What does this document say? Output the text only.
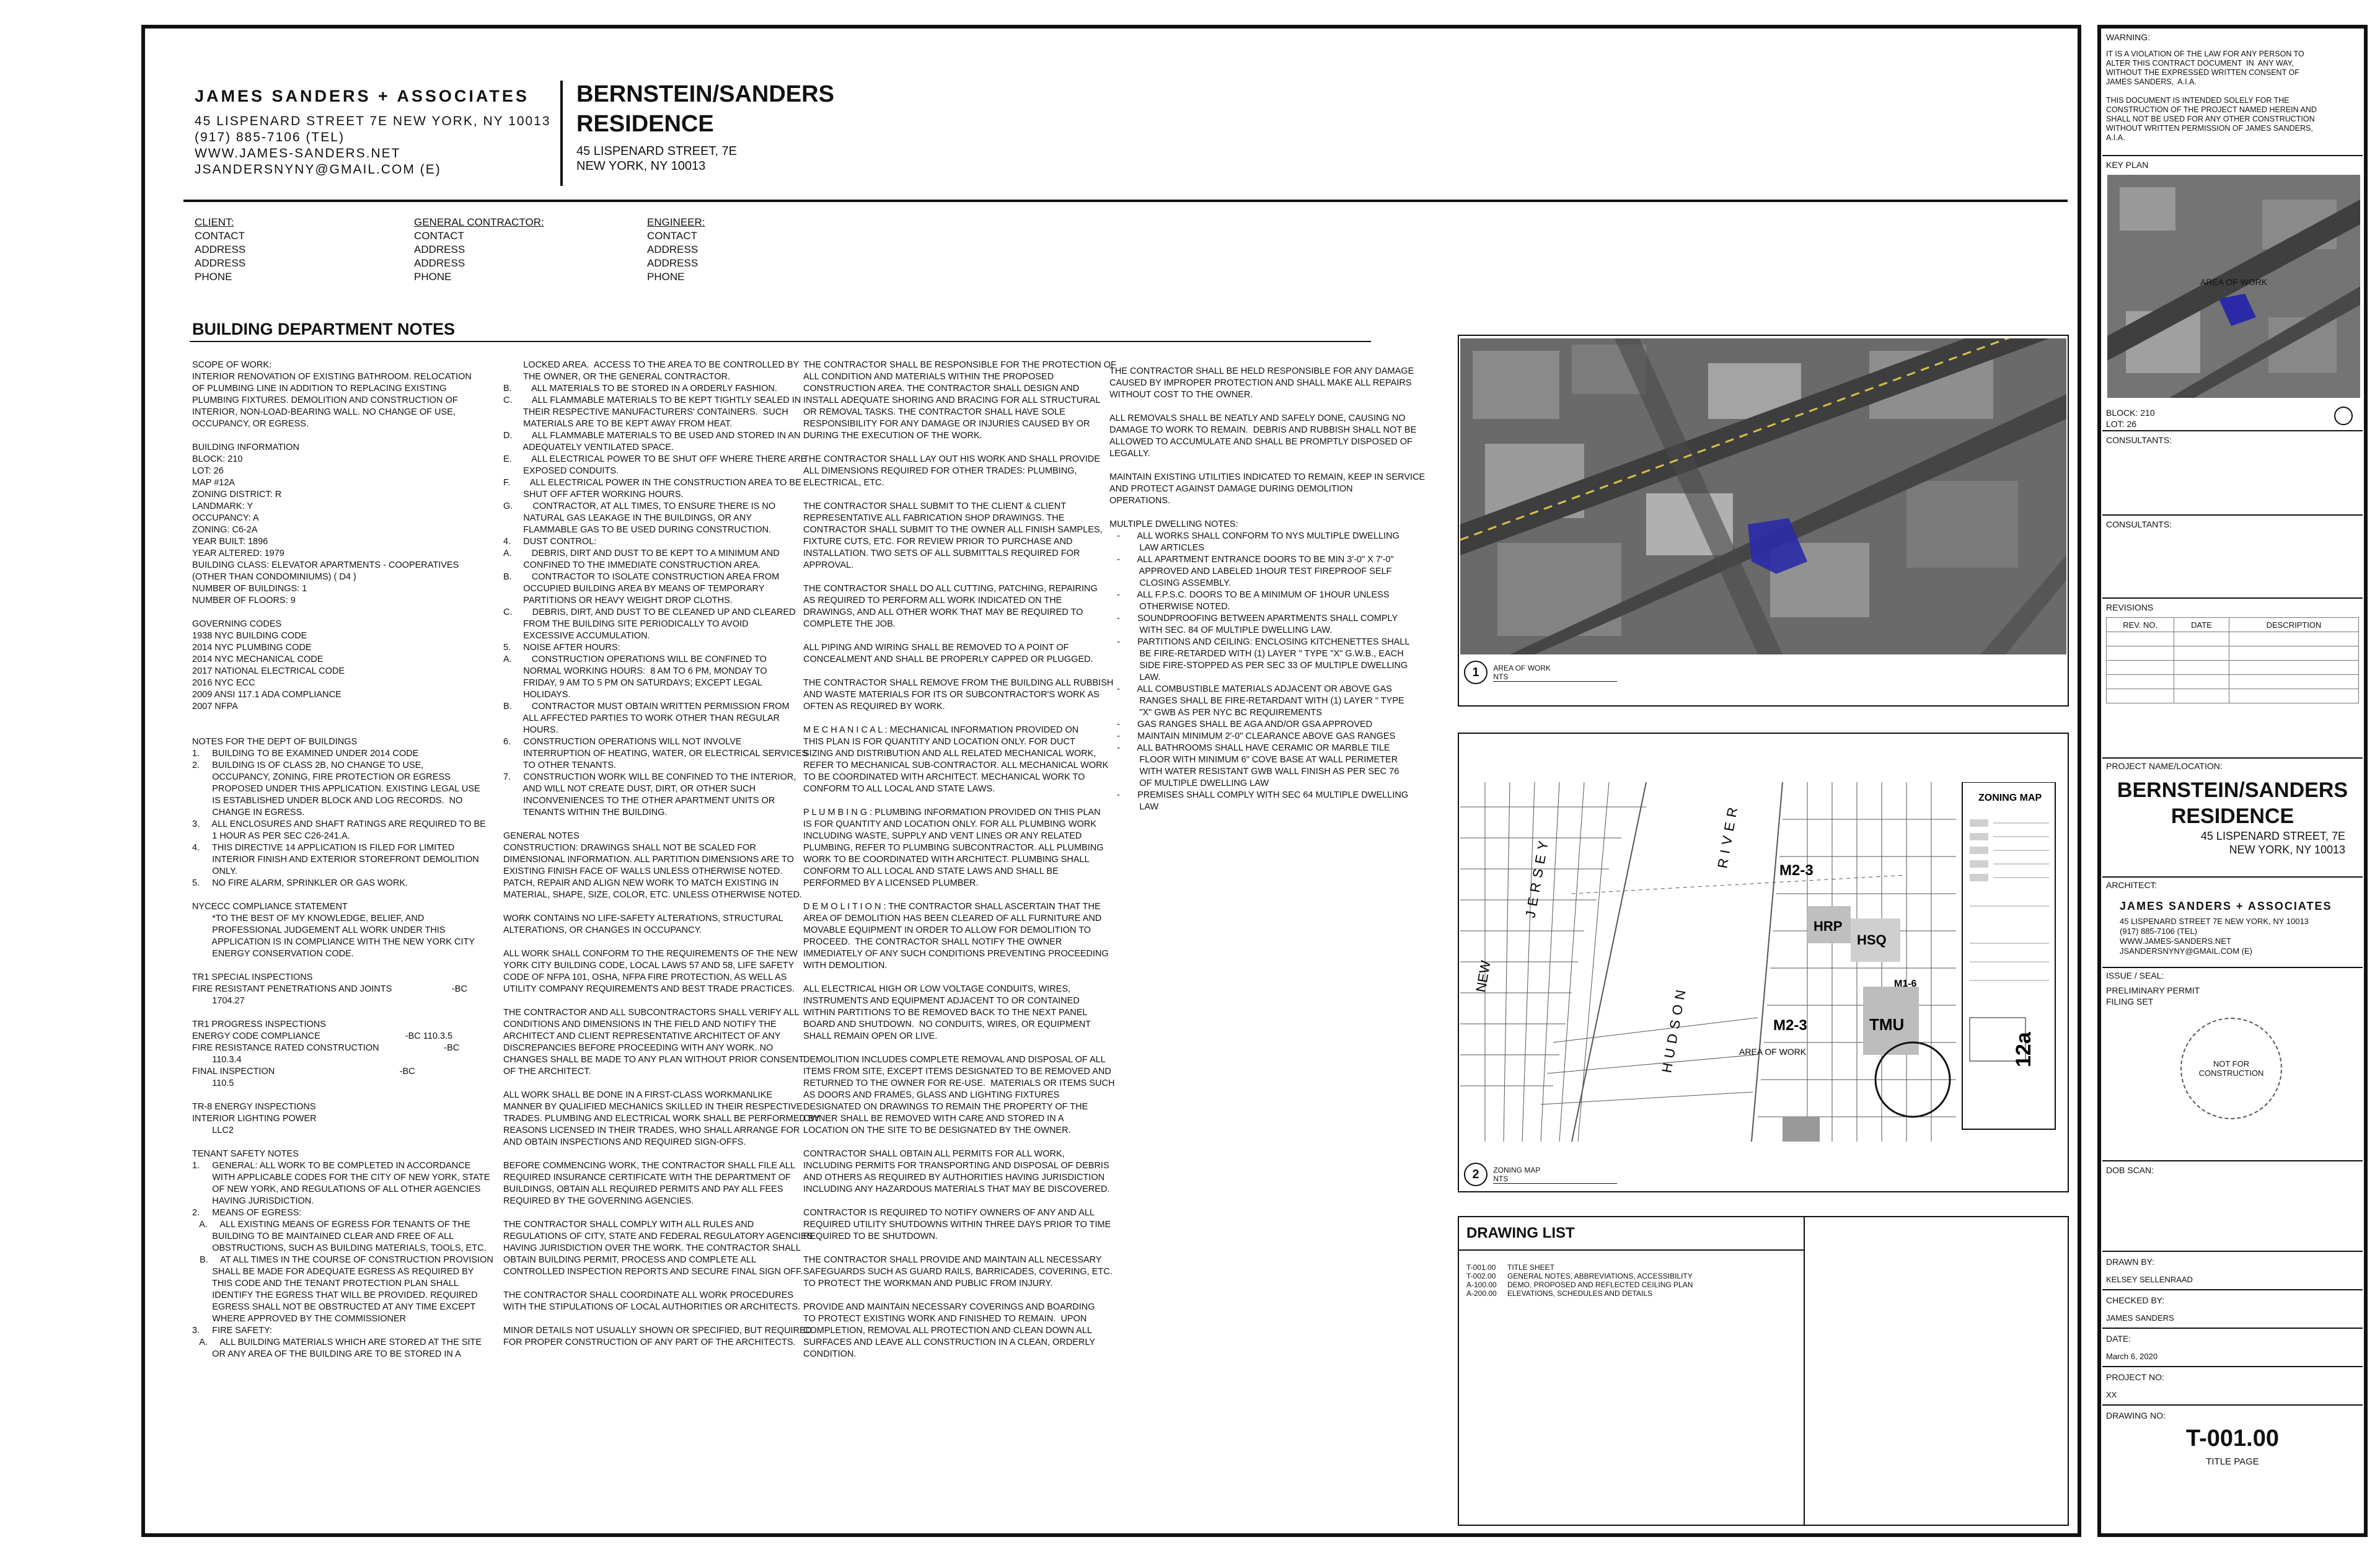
JAMES SANDERS + ASSOCIATES
45 LISPENARD STREET 7E NEW YORK, NY 10013
(917) 885-7106 (TEL)
WWW.JAMES-SANDERS.NET
JSANDERSNYNY@GMAIL.COM (E)
BERNSTEIN/SANDERS
RESIDENCE
45 LISPENARD STREET, 7E
NEW YORK, NY 10013
CLIENT:
CONTACT
ADDRESS
ADDRESS
PHONE
GENERAL CONTRACTOR:
CONTACT
ADDRESS
ADDRESS
PHONE
ENGINEER:
CONTACT
ADDRESS
ADDRESS
PHONE
BUILDING DEPARTMENT NOTES
SCOPE OF WORK:
INTERIOR RENOVATION OF EXISTING BATHROOM. RELOCATION
OF PLUMBING LINE IN ADDITION TO REPLACING EXISTING
PLUMBING FIXTURES. DEMOLITION AND CONSTRUCTION OF
INTERIOR, NON-LOAD-BEARING WALL. NO CHANGE OF USE,
OCCUPANCY, OR EGRESS.

BUILDING INFORMATION
BLOCK: 210
LOT: 26
MAP #12A
ZONING DISTRICT: R
LANDMARK: Y
OCCUPANCY: A
ZONING: C6-2A
YEAR BUILT: 1896
YEAR ALTERED: 1979
BUILDING CLASS: ELEVATOR APARTMENTS - COOPERATIVES
(OTHER THAN CONDOMINIUMS) ( D4 )
NUMBER OF BUILDINGS: 1
NUMBER OF FLOORS: 9

GOVERNING CODES
1938 NYC BUILDING CODE
2014 NYC PLUMBING CODE
2014 NYC MECHANICAL CODE
2017 NATIONAL ELECTRICAL CODE
2016 NYC ECC
2009 ANSI 117.1 ADA COMPLIANCE
2007 NFPA

NOTES FOR THE DEPT OF BUILDINGS
1.     BUILDING TO BE EXAMINED UNDER 2014 CODE
2.     BUILDING IS OF CLASS 2B, NO CHANGE TO USE,
OCCUPANCY, ZONING, FIRE PROTECTION OR EGRESS
PROPOSED UNDER THIS APPLICATION. EXISTING LEGAL USE
IS ESTABLISHED UNDER BLOCK AND LOG RECORDS.  NO
CHANGE IN EGRESS.
3.     ALL ENCLOSURES AND SHAFT RATINGS ARE REQUIRED TO BE
1 HOUR AS PER SEC C26-241.A.
4.     THIS DIRECTIVE 14 APPLICATION IS FILED FOR LIMITED
INTERIOR FINISH AND EXTERIOR STOREFRONT DEMOLITION
ONLY.
5.     NO FIRE ALARM, SPRINKLER OR GAS WORK.

NYCECC COMPLIANCE STATEMENT
*TO THE BEST OF MY KNOWLEDGE, BELIEF, AND
PROFESSIONAL JUDGEMENT ALL WORK UNDER THIS
APPLICATION IS IN COMPLIANCE WITH THE NEW YORK CITY
ENERGY CONSERVATION CODE.

TR1 SPECIAL INSPECTIONS
FIRE RESISTANT PENETRATIONS AND JOINTS                        -BC
1704.27

TR1 PROGRESS INSPECTIONS
ENERGY CODE COMPLIANCE                                  -BC 110.3.5
FIRE RESISTANCE RATED CONSTRUCTION                          -BC
110.3.4
FINAL INSPECTION                                                  -BC
110.5

TR-8 ENERGY INSPECTIONS
INTERIOR LIGHTING POWER
LLC2

TENANT SAFETY NOTES
1.     GENERAL: ALL WORK TO BE COMPLETED IN ACCORDANCE
WITH APPLICABLE CODES FOR THE CITY OF NEW YORK, STATE
OF NEW YORK, AND REGULATIONS OF ALL OTHER AGENCIES
HAVING JURISDICTION.
2.     MEANS OF EGRESS:
A.     ALL EXISTING MEANS OF EGRESS FOR TENANTS OF THE
BUILDING TO BE MAINTAINED CLEAR AND FREE OF ALL
OBSTRUCTIONS, SUCH AS BUILDING MATERIALS, TOOLS, ETC.
B.     AT ALL TIMES IN THE COURSE OF CONSTRUCTION PROVISION
SHALL BE MADE FOR ADEQUATE EGRESS AS REQUIRED BY
THIS CODE AND THE TENANT PROTECTION PLAN SHALL
IDENTIFY THE EGRESS THAT WILL BE PROVIDED. REQUIRED
EGRESS SHALL NOT BE OBSTRUCTED AT ANY TIME EXCEPT
WHERE APPROVED BY THE COMMISSIONER
3.     FIRE SAFETY:
A.     ALL BUILDING MATERIALS WHICH ARE STORED AT THE SITE
OR ANY AREA OF THE BUILDING ARE TO BE STORED IN A
LOCKED AREA.  ACCESS TO THE AREA TO BE CONTROLLED BY
THE OWNER, OR THE GENERAL CONTRACTOR.
B.        ALL MATERIALS TO BE STORED IN A ORDERLY FASHION.
C.        ALL FLAMMABLE MATERIALS TO BE KEPT TIGHTLY SEALED IN
THEIR RESPECTIVE MANUFACTURERS' CONTAINERS.  SUCH
MATERIALS ARE TO BE KEPT AWAY FROM HEAT.
D.        ALL FLAMMABLE MATERIALS TO BE USED AND STORED IN AN
ADEQUATELY VENTILATED SPACE.
E.        ALL ELECTRICAL POWER TO BE SHUT OFF WHERE THERE ARE
EXPOSED CONDUITS.
F.        ALL ELECTRICAL POWER IN THE CONSTRUCTION AREA TO BE
SHUT OFF AFTER WORKING HOURS.
G.        CONTRACTOR, AT ALL TIMES, TO ENSURE THERE IS NO
NATURAL GAS LEAKAGE IN THE BUILDINGS, OR ANY
FLAMMABLE GAS TO BE USED DURING CONSTRUCTION.
4.     DUST CONTROL:
A.        DEBRIS, DIRT AND DUST TO BE KEPT TO A MINIMUM AND
CONFINED TO THE IMMEDIATE CONSTRUCTION AREA.
B.        CONTRACTOR TO ISOLATE CONSTRUCTION AREA FROM
OCCUPIED BUILDING AREA BY MEANS OF TEMPORARY
PARTITIONS OR HEAVY WEIGHT DROP CLOTHS.
C.        DEBRIS, DIRT, AND DUST TO BE CLEANED UP AND CLEARED
FROM THE BUILDING SITE PERIODICALLY TO AVOID
EXCESSIVE ACCUMULATION.
5.     NOISE AFTER HOURS:
A.        CONSTRUCTION OPERATIONS WILL BE CONFINED TO
NORMAL WORKING HOURS:  8 AM TO 6 PM, MONDAY TO
FRIDAY, 9 AM TO 5 PM ON SATURDAYS; EXCEPT LEGAL
HOLIDAYS.
B.        CONTRACTOR MUST OBTAIN WRITTEN PERMISSION FROM
ALL AFFECTED PARTIES TO WORK OTHER THAN REGULAR
HOURS.
6.     CONSTRUCTION OPERATIONS WILL NOT INVOLVE
INTERRUPTION OF HEATING, WATER, OR ELECTRICAL SERVICES
TO OTHER TENANTS.
7.     CONSTRUCTION WORK WILL BE CONFINED TO THE INTERIOR,
AND WILL NOT CREATE DUST, DIRT, OR OTHER SUCH
INCONVENIENCES TO THE OTHER APARTMENT UNITS OR
TENANTS WITHIN THE BUILDING.

GENERAL NOTES
CONSTRUCTION: DRAWINGS SHALL NOT BE SCALED FOR
DIMENSIONAL INFORMATION. ALL PARTITION DIMENSIONS ARE TO
EXISTING FINISH FACE OF WALLS UNLESS OTHERWISE NOTED.
PATCH, REPAIR AND ALIGN NEW WORK TO MATCH EXISTING IN
MATERIAL, SHAPE, SIZE, COLOR, ETC. UNLESS OTHERWISE NOTED.

WORK CONTAINS NO LIFE-SAFETY ALTERATIONS, STRUCTURAL
ALTERATIONS, OR CHANGES IN OCCUPANCY.

ALL WORK SHALL CONFORM TO THE REQUIREMENTS OF THE NEW
YORK CITY BUILDING CODE, LOCAL LAWS 57 AND 58, LIFE SAFETY
CODE OF NFPA 101, OSHA, NFPA FIRE PROTECTION, AS WELL AS
UTILITY COMPANY REQUIREMENTS AND BEST TRADE PRACTICES.

THE CONTRACTOR AND ALL SUBCONTRACTORS SHALL VERIFY ALL
CONDITIONS AND DIMENSIONS IN THE FIELD AND NOTIFY THE
ARCHITECT AND CLIENT REPRESENTATIVE ARCHITECT OF ANY
DISCREPANCIES BEFORE PROCEEDING WITH ANY WORK. NO
CHANGES SHALL BE MADE TO ANY PLAN WITHOUT PRIOR CONSENT
OF THE ARCHITECT.

ALL WORK SHALL BE DONE IN A FIRST-CLASS WORKMANLIKE
MANNER BY QUALIFIED MECHANICS SKILLED IN THEIR RESPECTIVE
TRADES. PLUMBING AND ELECTRICAL WORK SHALL BE PERFORMED BY
REASONS LICENSED IN THEIR TRADES, WHO SHALL ARRANGE FOR
AND OBTAIN INSPECTIONS AND REQUIRED SIGN-OFFS.

BEFORE COMMENCING WORK, THE CONTRACTOR SHALL FILE ALL
REQUIRED INSURANCE CERTIFICATE WITH THE DEPARTMENT OF
BUILDINGS, OBTAIN ALL REQUIRED PERMITS AND PAY ALL FEES
REQUIRED BY THE GOVERNING AGENCIES.

THE CONTRACTOR SHALL COMPLY WITH ALL RULES AND
REGULATIONS OF CITY, STATE AND FEDERAL REGULATORY AGENCIES
HAVING JURISDICTION OVER THE WORK. THE CONTRACTOR SHALL
OBTAIN BUILDING PERMIT, PROCESS AND COMPLETE ALL
CONTROLLED INSPECTION REPORTS AND SECURE FINAL SIGN OFF.

THE CONTRACTOR SHALL COORDINATE ALL WORK PROCEDURES
WITH THE STIPULATIONS OF LOCAL AUTHORITIES OR ARCHITECTS.

MINOR DETAILS NOT USUALLY SHOWN OR SPECIFIED, BUT REQUIRED
FOR PROPER CONSTRUCTION OF ANY PART OF THE ARCHITECTS.
THE CONTRACTOR SHALL BE RESPONSIBLE FOR THE PROTECTION OF
ALL CONDITION AND MATERIALS WITHIN THE PROPOSED
CONSTRUCTION AREA. THE CONTRACTOR SHALL DESIGN AND
INSTALL ADEQUATE SHORING AND BRACING FOR ALL STRUCTURAL
OR REMOVAL TASKS. THE CONTRACTOR SHALL HAVE SOLE
RESPONSIBILITY FOR ANY DAMAGE OR INJURIES CAUSED BY OR
DURING THE EXECUTION OF THE WORK.

THE CONTRACTOR SHALL LAY OUT HIS WORK AND SHALL PROVIDE
ALL DIMENSIONS REQUIRED FOR OTHER TRADES: PLUMBING,
ELECTRICAL, ETC.

THE CONTRACTOR SHALL SUBMIT TO THE CLIENT & CLIENT
REPRESENTATIVE ALL FABRICATION SHOP DRAWINGS. THE
CONTRACTOR SHALL SUBMIT TO THE OWNER ALL FINISH SAMPLES,
FIXTURE CUTS, ETC. FOR REVIEW PRIOR TO PURCHASE AND
INSTALLATION. TWO SETS OF ALL SUBMITTALS REQUIRED FOR
APPROVAL.

THE CONTRACTOR SHALL DO ALL CUTTING, PATCHING, REPAIRING
AS REQUIRED TO PERFORM ALL WORK INDICATED ON THE
DRAWINGS, AND ALL OTHER WORK THAT MAY BE REQUIRED TO
COMPLETE THE JOB.

ALL PIPING AND WIRING SHALL BE REMOVED TO A POINT OF
CONCEALMENT AND SHALL BE PROPERLY CAPPED OR PLUGGED.

THE CONTRACTOR SHALL REMOVE FROM THE BUILDING ALL RUBBISH
AND WASTE MATERIALS FOR ITS OR SUBCONTRACTOR'S WORK AS
OFTEN AS REQUIRED BY WORK.

M E C H A N I C A L : MECHANICAL INFORMATION PROVIDED ON
THIS PLAN IS FOR QUANTITY AND LOCATION ONLY. FOR DUCT
SIZING AND DISTRIBUTION AND ALL RELATED MECHANICAL WORK,
REFER TO MECHANICAL SUB-CONTRACTOR. ALL MECHANICAL WORK
TO BE COORDINATED WITH ARCHITECT. MECHANICAL WORK TO
CONFORM TO ALL LOCAL AND STATE LAWS.

P L U M B I N G : PLUMBING INFORMATION PROVIDED ON THIS PLAN
IS FOR QUANTITY AND LOCATION ONLY. FOR ALL PLUMBING WORK
INCLUDING WASTE, SUPPLY AND VENT LINES OR ANY RELATED
PLUMBING, REFER TO PLUMBING SUBCONTRACTOR. ALL PLUMBING
WORK TO BE COORDINATED WITH ARCHITECT. PLUMBING SHALL
CONFORM TO ALL LOCAL AND STATE LAWS AND SHALL BE
PERFORMED BY A LICENSED PLUMBER.

D E M O L I T I O N : THE CONTRACTOR SHALL ASCERTAIN THAT THE
AREA OF DEMOLITION HAS BEEN CLEARED OF ALL FURNITURE AND
MOVABLE EQUIPMENT IN ORDER TO ALLOW FOR DEMOLITION TO
PROCEED.  THE CONTRACTOR SHALL NOTIFY THE OWNER
IMMEDIATELY OF ANY SUCH CONDITIONS PREVENTING PROCEEDING
WITH DEMOLITION.

ALL ELECTRICAL HIGH OR LOW VOLTAGE CONDUITS, WIRES,
INSTRUMENTS AND EQUIPMENT ADJACENT TO OR CONTAINED
WITHIN PARTITIONS TO BE REMOVED BACK TO THE NEXT PANEL
BOARD AND SHUTDOWN.  NO CONDUITS, WIRES, OR EQUIPMENT
SHALL REMAIN OPEN OR LIVE.

DEMOLITION INCLUDES COMPLETE REMOVAL AND DISPOSAL OF ALL
ITEMS FROM SITE, EXCEPT ITEMS DESIGNATED TO BE REMOVED AND
RETURNED TO THE OWNER FOR RE-USE.  MATERIALS OR ITEMS SUCH
AS DOORS AND FRAMES, GLASS AND LIGHTING FIXTURES
DESIGNATED ON DRAWINGS TO REMAIN THE PROPERTY OF THE
OWNER SHALL BE REMOVED WITH CARE AND STORED IN A
LOCATION ON THE SITE TO BE DESIGNATED BY THE OWNER.

CONTRACTOR SHALL OBTAIN ALL PERMITS FOR ALL WORK,
INCLUDING PERMITS FOR TRANSPORTING AND DISPOSAL OF DEBRIS
AND OTHERS AS REQUIRED BY AUTHORITIES HAVING JURISDICTION
INCLUDING ANY HAZARDOUS MATERIALS THAT MAY BE DISCOVERED.

CONTRACTOR IS REQUIRED TO NOTIFY OWNERS OF ANY AND ALL
REQUIRED UTILITY SHUTDOWNS WITHIN THREE DAYS PRIOR TO TIME
REQUIRED TO BE SHUTDOWN.

THE CONTRACTOR SHALL PROVIDE AND MAINTAIN ALL NECESSARY
SAFEGUARDS SUCH AS GUARD RAILS, BARRICADES, COVERING, ETC.
TO PROTECT THE WORKMAN AND PUBLIC FROM INJURY.

PROVIDE AND MAINTAIN NECESSARY COVERINGS AND BOARDING
TO PROTECT EXISTING WORK AND FINISHED TO REMAIN.  UPON
COMPLETION, REMOVAL ALL PROTECTION AND CLEAN DOWN ALL
SURFACES AND LEAVE ALL CONSTRUCTION IN A CLEAN, ORDERLY
CONDITION.
THE CONTRACTOR SHALL BE HELD RESPONSIBLE FOR ANY DAMAGE
CAUSED BY IMPROPER PROTECTION AND SHALL MAKE ALL REPAIRS
WITHOUT COST TO THE OWNER.

ALL REMOVALS SHALL BE NEATLY AND SAFELY DONE, CAUSING NO
DAMAGE TO WORK TO REMAIN.  DEBRIS AND RUBBISH SHALL NOT BE
ALLOWED TO ACCUMULATE AND SHALL BE PROMPTLY DISPOSED OF
LEGALLY.

MAINTAIN EXISTING UTILITIES INDICATED TO REMAIN, KEEP IN SERVICE
AND PROTECT AGAINST DAMAGE DURING DEMOLITION
OPERATIONS.

MULTIPLE DWELLING NOTES:
-       ALL WORKS SHALL CONFORM TO NYS MULTIPLE DWELLING
LAW ARTICLES
-       ALL APARTMENT ENTRANCE DOORS TO BE MIN 3'-0" X 7'-0"
APPROVED AND LABELED 1HOUR TEST FIREPROOF SELF
CLOSING ASSEMBLY.
-       ALL F.P.S.C. DOORS TO BE A MINIMUM OF 1HOUR UNLESS
OTHERWISE NOTED.
-       SOUNDPROOFING BETWEEN APARTMENTS SHALL COMPLY
WITH SEC. 84 OF MULTIPLE DWELLING LAW.
-       PARTITIONS AND CEILING: ENCLOSING KITCHENETTES SHALL
BE FIRE-RETARDED WITH (1) LAYER " TYPE "X" G.W.B., EACH
SIDE FIRE-STOPPED AS PER SEC 33 OF MULTIPLE DWELLING
LAW.
-       ALL COMBUSTIBLE MATERIALS ADJACENT OR ABOVE GAS
RANGES SHALL BE FIRE-RETARDANT WITH (1) LAYER " TYPE
"X" GWB AS PER NYC BC REQUIREMENTS
-       GAS RANGES SHALL BE AGA AND/OR GSA APPROVED
-       MAINTAIN MINIMUM 2'-0" CLEARANCE ABOVE GAS RANGES
-       ALL BATHROOMS SHALL HAVE CERAMIC OR MARBLE TILE
FLOOR WITH MINIMUM 6" COVE BASE AT WALL PERIMETER
WITH WATER RESISTANT GWB WALL FINISH AS PER SEC 76
OF MULTIPLE DWELLING LAW
-       PREMISES SHALL COMPLY WITH SEC 64 MULTIPLE DWELLING
LAW
1 AREA OF WORK
NTS
NEW
JERSEY
HUDSON
RIVER
AREA OF WORK
M2-3
M2-3
HRP
HSQ
TMU
M1-6
ZONING MAP
12a
2 ZONING MAP
NTS
DRAWING LIST
T-001.00 TITLE SHEET
T-002.00 GENERAL NOTES, ABBREVIATIONS, ACCESSIBILITY
A-100.00 DEMO, PROPOSED AND REFLECTED CEILING PLAN
A-200.00 ELEVATIONS, SCHEDULES AND DETAILS
WARNING:
IT IS A VIOLATION OF THE LAW FOR ANY PERSON TO
ALTER THIS CONTRACT DOCUMENT  IN  ANY WAY,
WITHOUT THE EXPRESSED WRITTEN CONSENT OF
JAMES SANDERS,  A.I.A.

THIS DOCUMENT IS INTENDED SOLELY FOR THE
CONSTRUCTION OF THE PROJECT NAMED HEREIN AND
SHALL NOT BE USED FOR ANY OTHER CONSTRUCTION
WITHOUT WRITTEN PERMISSION OF JAMES SANDERS,
A.I.A.
KEY PLAN
AREA OF WORK
BLOCK: 210
LOT: 26
CONSULTANTS:
CONSULTANTS:
REVISIONS
REV. NO.	DATE	DESCRIPTION

PROJECT NAME/LOCATION:
BERNSTEIN/SANDERS
RESIDENCE
45 LISPENARD STREET, 7E
NEW YORK, NY 10013
ARCHITECT:
JAMES SANDERS + ASSOCIATES
45 LISPENARD STREET 7E NEW YORK, NY 10013
(917) 885-7106 (TEL)
WWW.JAMES-SANDERS.NET
JSANDERSNYNY@GMAIL.COM (E)
ISSUE / SEAL:
PRELIMINARY PERMIT
FILING SET
NOT FOR
CONSTRUCTION
DOB SCAN:
DRAWN BY:
KELSEY SELLENRAAD
CHECKED BY:
JAMES SANDERS
DATE:
March 6, 2020
PROJECT NO:
XX
DRAWING NO:
T-001.00
TITLE PAGE
